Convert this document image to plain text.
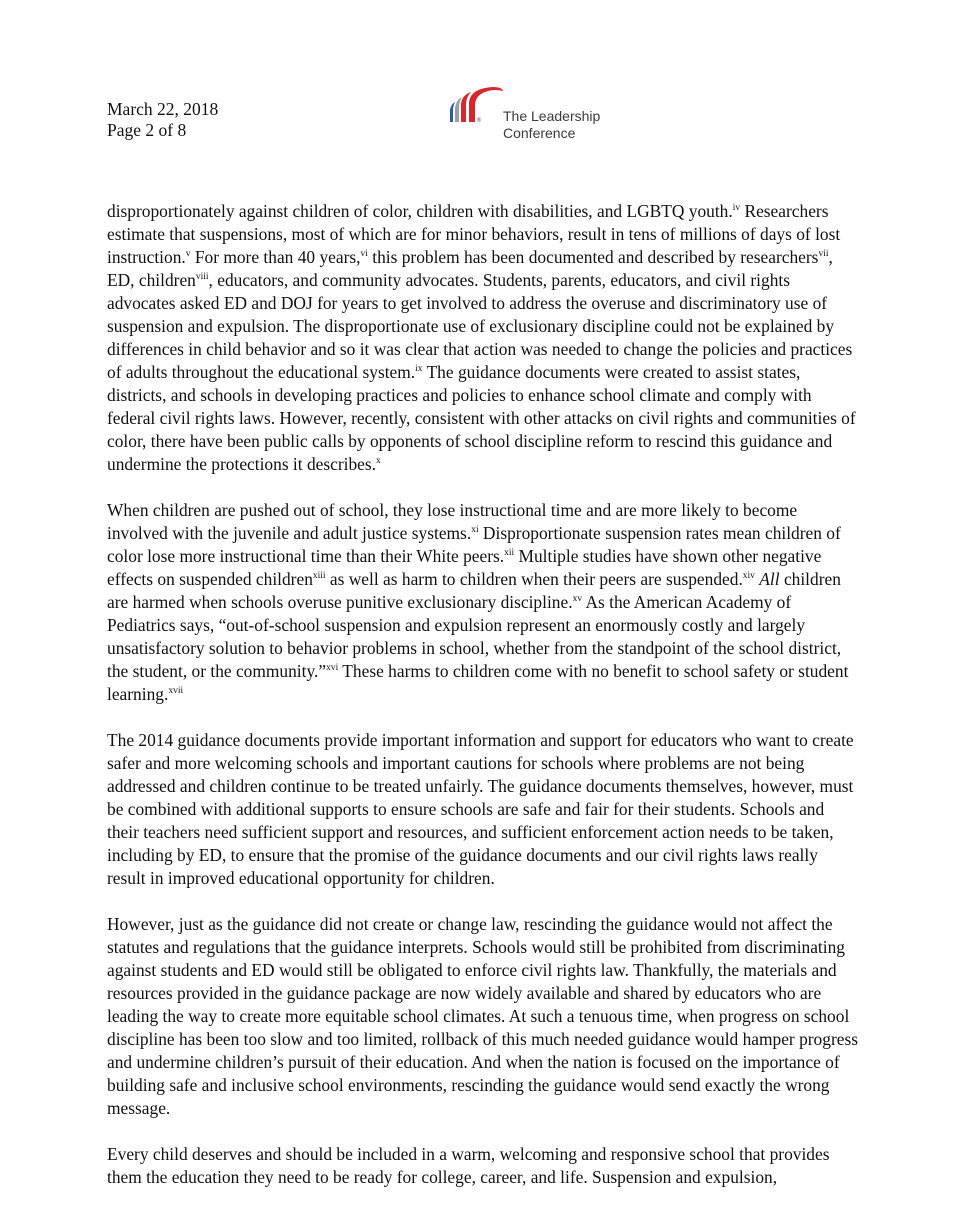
March 22, 2018
Page 2 of 8	® The Leadership
Conference

disproportionately against children of color, children with disabilities, and LGBTQ youth.$^{iv}$ Researchers estimate that suspensions, most of which are for minor behaviors, result in tens of millions of days of lost instruction.$^v$ For more than 40 years,$^{vi}$ this problem has been documented and described by researchers$^{vii}$, ED, children$^{viii}$, educators, and community advocates. Students, parents, educators, and civil rights advocates asked ED and DOJ for years to get involved to address the overuse and discriminatory use of suspension and expulsion. The disproportionate use of exclusionary discipline could not be explained by differences in child behavior and so it was clear that action was needed to change the policies and practices of adults throughout the educational system.$^{ix}$ The guidance documents were created to assist states, districts, and schools in developing practices and policies to enhance school climate and comply with federal civil rights laws. However, recently, consistent with other attacks on civil rights and communities of color, there have been public calls by opponents of school discipline reform to rescind this guidance and undermine the protections it describes.$^x$

When children are pushed out of school, they lose instructional time and are more likely to become involved with the juvenile and adult justice systems.$^{xi}$ Disproportionate suspension rates mean children of color lose more instructional time than their White peers.$^{xii}$ Multiple studies have shown other negative effects on suspended children$^{xiii}$ as well as harm to children when their peers are suspended.$^{xiv}$ All children are harmed when schools overuse punitive exclusionary discipline.$^{xv}$ As the American Academy of Pediatrics says, “out-of-school suspension and expulsion represent an enormously costly and largely unsatisfactory solution to behavior problems in school, whether from the standpoint of the school district, the student, or the community.”$^{xvi}$ These harms to children come with no benefit to school safety or student learning.$^{xvii}$

The 2014 guidance documents provide important information and support for educators who want to create safer and more welcoming schools and important cautions for schools where problems are not being addressed and children continue to be treated unfairly. The guidance documents themselves, however, must be combined with additional supports to ensure schools are safe and fair for their students. Schools and their teachers need sufficient support and resources, and sufficient enforcement action needs to be taken, including by ED, to ensure that the promise of the guidance documents and our civil rights laws really result in improved educational opportunity for children.

However, just as the guidance did not create or change law, rescinding the guidance would not affect the statutes and regulations that the guidance interprets. Schools would still be prohibited from discriminating against students and ED would still be obligated to enforce civil rights law. Thankfully, the materials and resources provided in the guidance package are now widely available and shared by educators who are leading the way to create more equitable school climates. At such a tenuous time, when progress on school discipline has been too slow and too limited, rollback of this much needed guidance would hamper progress and undermine children’s pursuit of their education. And when the nation is focused on the importance of building safe and inclusive school environments, rescinding the guidance would send exactly the wrong message.

Every child deserves and should be included in a warm, welcoming and responsive school that provides them the education they need to be ready for college, career, and life. Suspension and expulsion,
